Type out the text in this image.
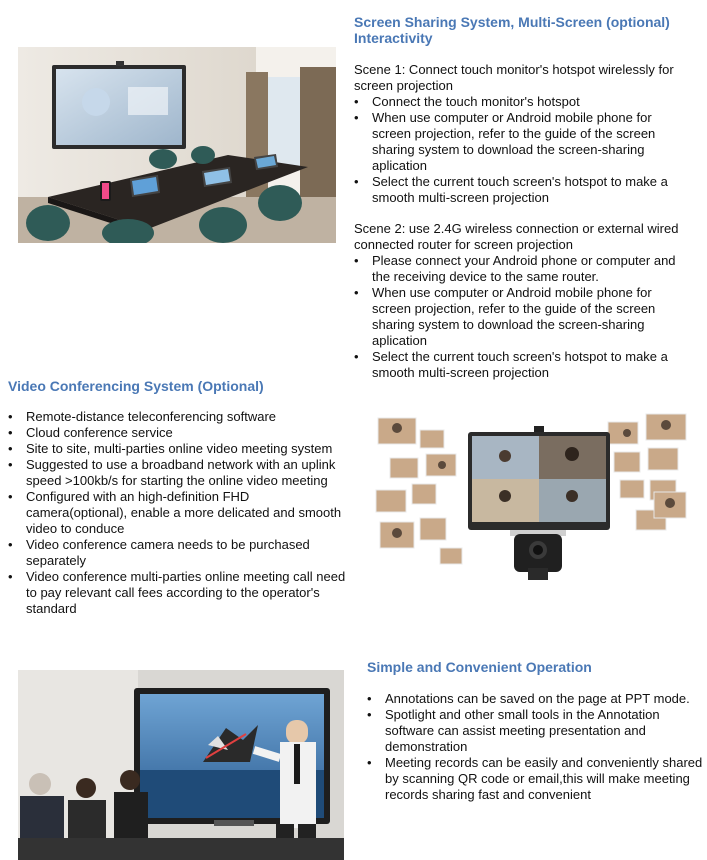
Screen Sharing System, Multi-Screen (optional) Interactivity
Scene 1: Connect touch monitor's hotspot wirelessly for screen projection
• Connect the touch monitor's hotspot
• When use computer or Android mobile phone for screen projection, refer to the guide of the screen sharing system to download the screen-sharing aplication
• Select the current touch screen's hotspot to make a smooth multi-screen projection
Scene 2: use 2.4G wireless connection or external wired connected router for screen projection
• Please connect your Android phone or computer and the receiving device to the same router.
• When use computer or Android mobile phone for screen projection, refer to the guide of the screen sharing system to download the screen-sharing aplication
• Select the current touch screen's hotspot to make a smooth multi-screen projection
Video Conferencing System (Optional)
• Remote-distance teleconferencing software
• Cloud conference service
• Site to site, multi-parties online video meeting system
• Suggested to use a broadband network with an uplink speed >100kb/s for starting the online video meeting
• Configured with an high-definition FHD camera(optional), enable a more delicated and smooth video to conduce
• Video conference camera needs to be purchased separately
• Video conference multi-parties online meeting call need to pay relevant call fees according to the operator's standard
Simple and Convenient Operation
• Annotations can be saved on the page at PPT mode.
• Spotlight and other small tools in the Annotation software can assist meeting presentation and demonstration
• Meeting records can be easily and conveniently shared by scanning QR code or email,this will make meeting records sharing fast and convenient
